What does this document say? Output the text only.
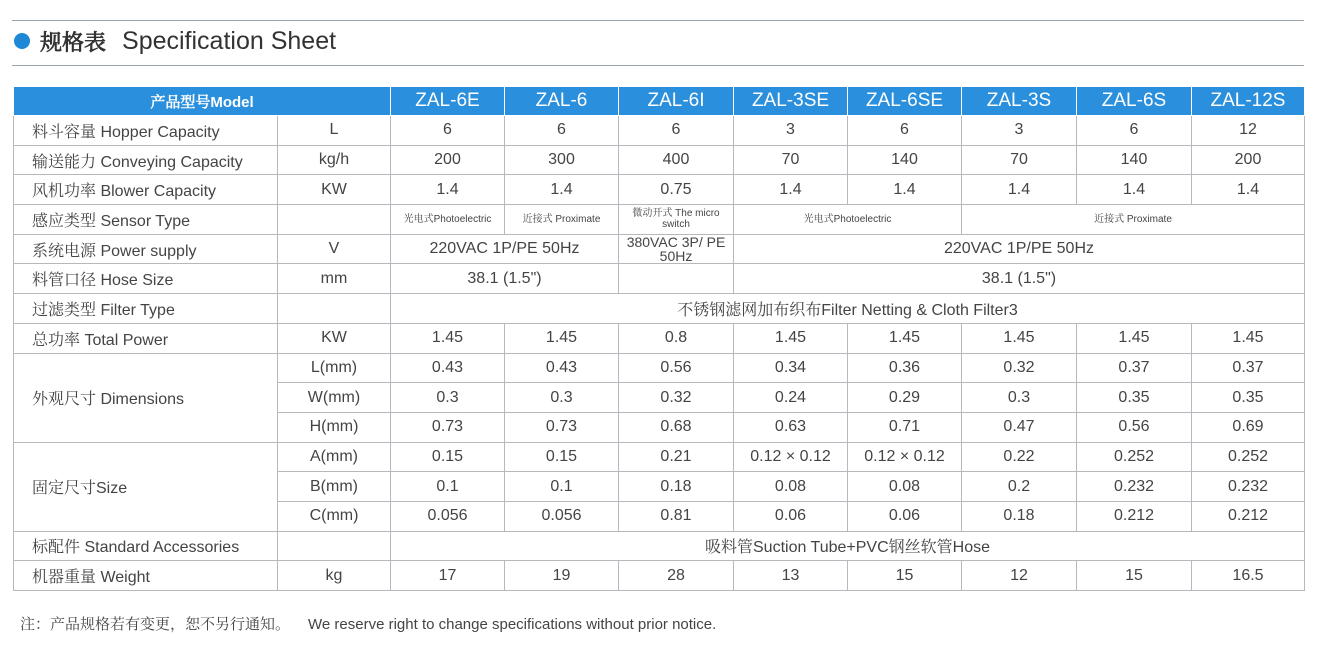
规格表 Specification Sheet
产品型号Model		ZAL-6E	ZAL-6	ZAL-6I	ZAL-3SE	ZAL-6SE	ZAL-3S	ZAL-6S	ZAL-12S
料斗容量 Hopper Capacity	L	6	6	6	3	6	3	6	12
输送能力 Conveying Capacity	kg/h	200	300	400	70	140	70	140	200
风机功率 Blower Capacity	KW	1.4	1.4	0.75	1.4	1.4	1.4	1.4	1.4
感应类型 Sensor Type		光电式Photoelectric	近接式 Proximate	微动开式 The micro switch	光电式Photoelectric		近接式 Proximate		
系统电源 Power supply	V	220VAC 1P/PE 50Hz		380VAC 3P/ PE 50Hz	220VAC 1P/PE 50Hz				
料管口径 Hose Size	mm	38.1 (1.5")			38.1 (1.5")				
过滤类型 Filter Type		不锈钢滤网加布织布Filter Netting & Cloth Filter3							
总功率 Total Power	KW	1.45	1.45	0.8	1.45	1.45	1.45	1.45	1.45
外观尺寸 Dimensions	L(mm)	0.43	0.43	0.56	0.34	0.36	0.32	0.37	0.37
	W(mm)	0.3	0.3	0.32	0.24	0.29	0.3	0.35	0.35
	H(mm)	0.73	0.73	0.68	0.63	0.71	0.47	0.56	0.69
固定尺寸Size	A(mm)	0.15	0.15	0.21	0.12 × 0.12	0.12 × 0.12	0.22	0.252	0.252
	B(mm)	0.1	0.1	0.18	0.08	0.08	0.2	0.232	0.232
	C(mm)	0.056	0.056	0.81	0.06	0.06	0.18	0.212	0.212
标配件 Standard Accessories		吸料管Suction Tube+PVC钢丝软管Hose							
机器重量 Weight	kg	17	19	28	13	15	12	15	16.5
注：产品规格若有变更，恕不另行通知。 We reserve right to change specifications without prior notice.
